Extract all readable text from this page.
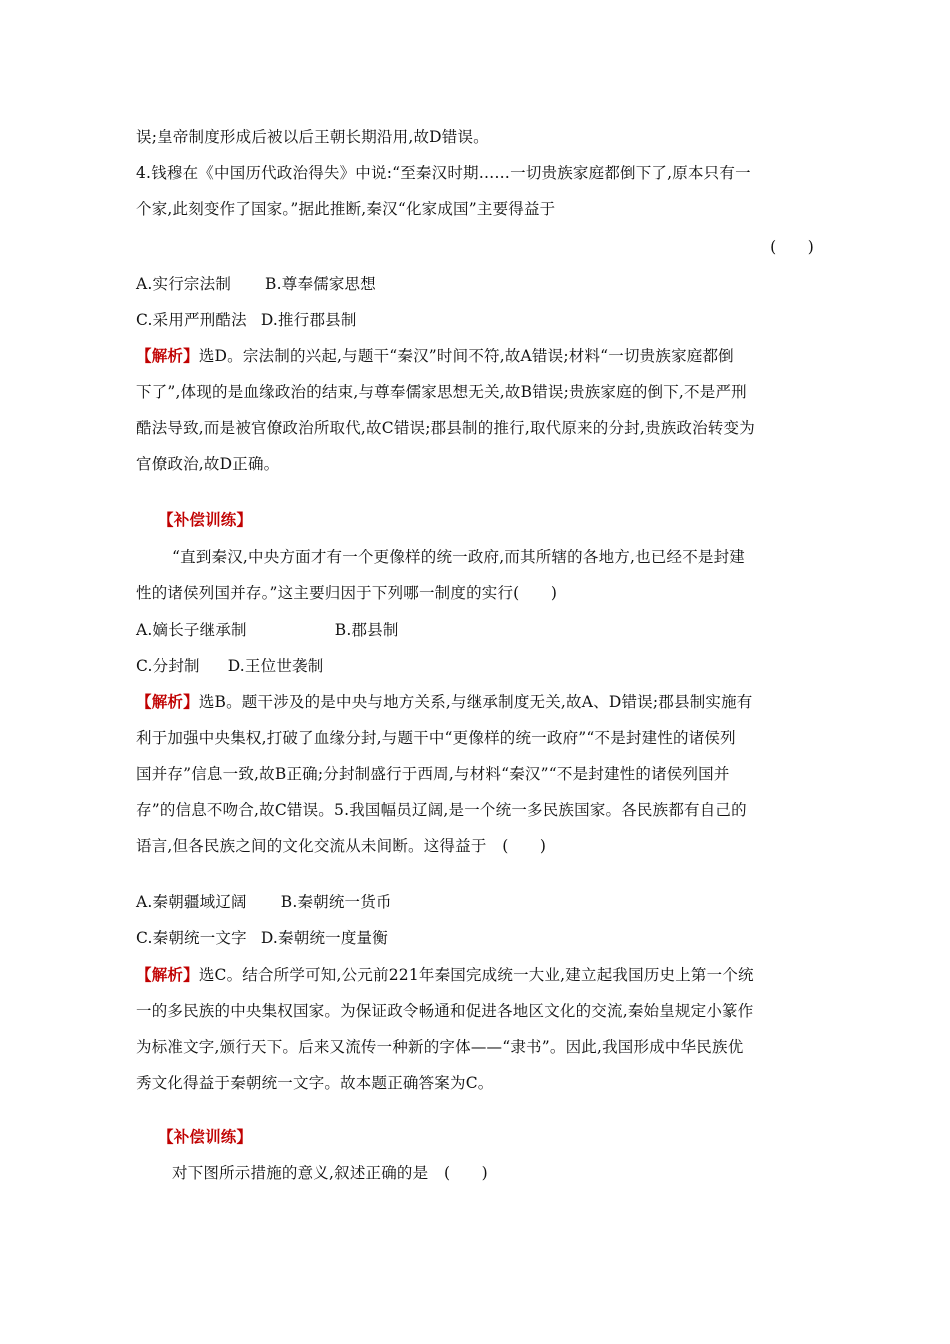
误;皇帝制度形成后被以后王朝长期沿用,故D错误。
4.钱穆在《中国历代政治得失》中说:“至秦汉时期……一切贵族家庭都倒下了,原本只有一
个家,此刻变作了国家。”据此推断,秦汉“化家成国”主要得益于
(　　)
A.实行宗法制 B.尊奉儒家思想
C.采用严刑酷法 D.推行郡县制
【解析】选D。宗法制的兴起,与题干“秦汉”时间不符,故A错误;材料“一切贵族家庭都倒
下了”,体现的是血缘政治的结束,与尊奉儒家思想无关,故B错误;贵族家庭的倒下,不是严刑
酷法导致,而是被官僚政治所取代,故C错误;郡县制的推行,取代原来的分封,贵族政治转变为
官僚政治,故D正确。
【补偿训练】
“直到秦汉,中央方面才有一个更像样的统一政府,而其所辖的各地方,也已经不是封建
性的诸侯列国并存。”这主要归因于下列哪一制度的实行(　　)
A.嫡长子继承制	B.郡县制
C.分封制 D.王位世袭制
【解析】选B。题干涉及的是中央与地方关系,与继承制度无关,故A、D错误;郡县制实施有
利于加强中央集权,打破了血缘分封,与题干中“更像样的统一政府”“不是封建性的诸侯列
国并存”信息一致,故B正确;分封制盛行于西周,与材料“秦汉”“不是封建性的诸侯列国并
存”的信息不吻合,故C错误。5.我国幅员辽阔,是一个统一多民族国家。各民族都有自己的
语言,但各民族之间的文化交流从未间断。这得益于　(　　)
A.秦朝疆域辽阔 B.秦朝统一货币
C.秦朝统一文字 D.秦朝统一度量衡
【解析】选C。结合所学可知,公元前221年秦国完成统一大业,建立起我国历史上第一个统
一的多民族的中央集权国家。为保证政令畅通和促进各地区文化的交流,秦始皇规定小篆作
为标准文字,颁行天下。后来又流传一种新的字体——“隶书”。因此,我国形成中华民族优
秀文化得益于秦朝统一文字。故本题正确答案为C。
【补偿训练】
对下图所示措施的意义,叙述正确的是　(　　)
